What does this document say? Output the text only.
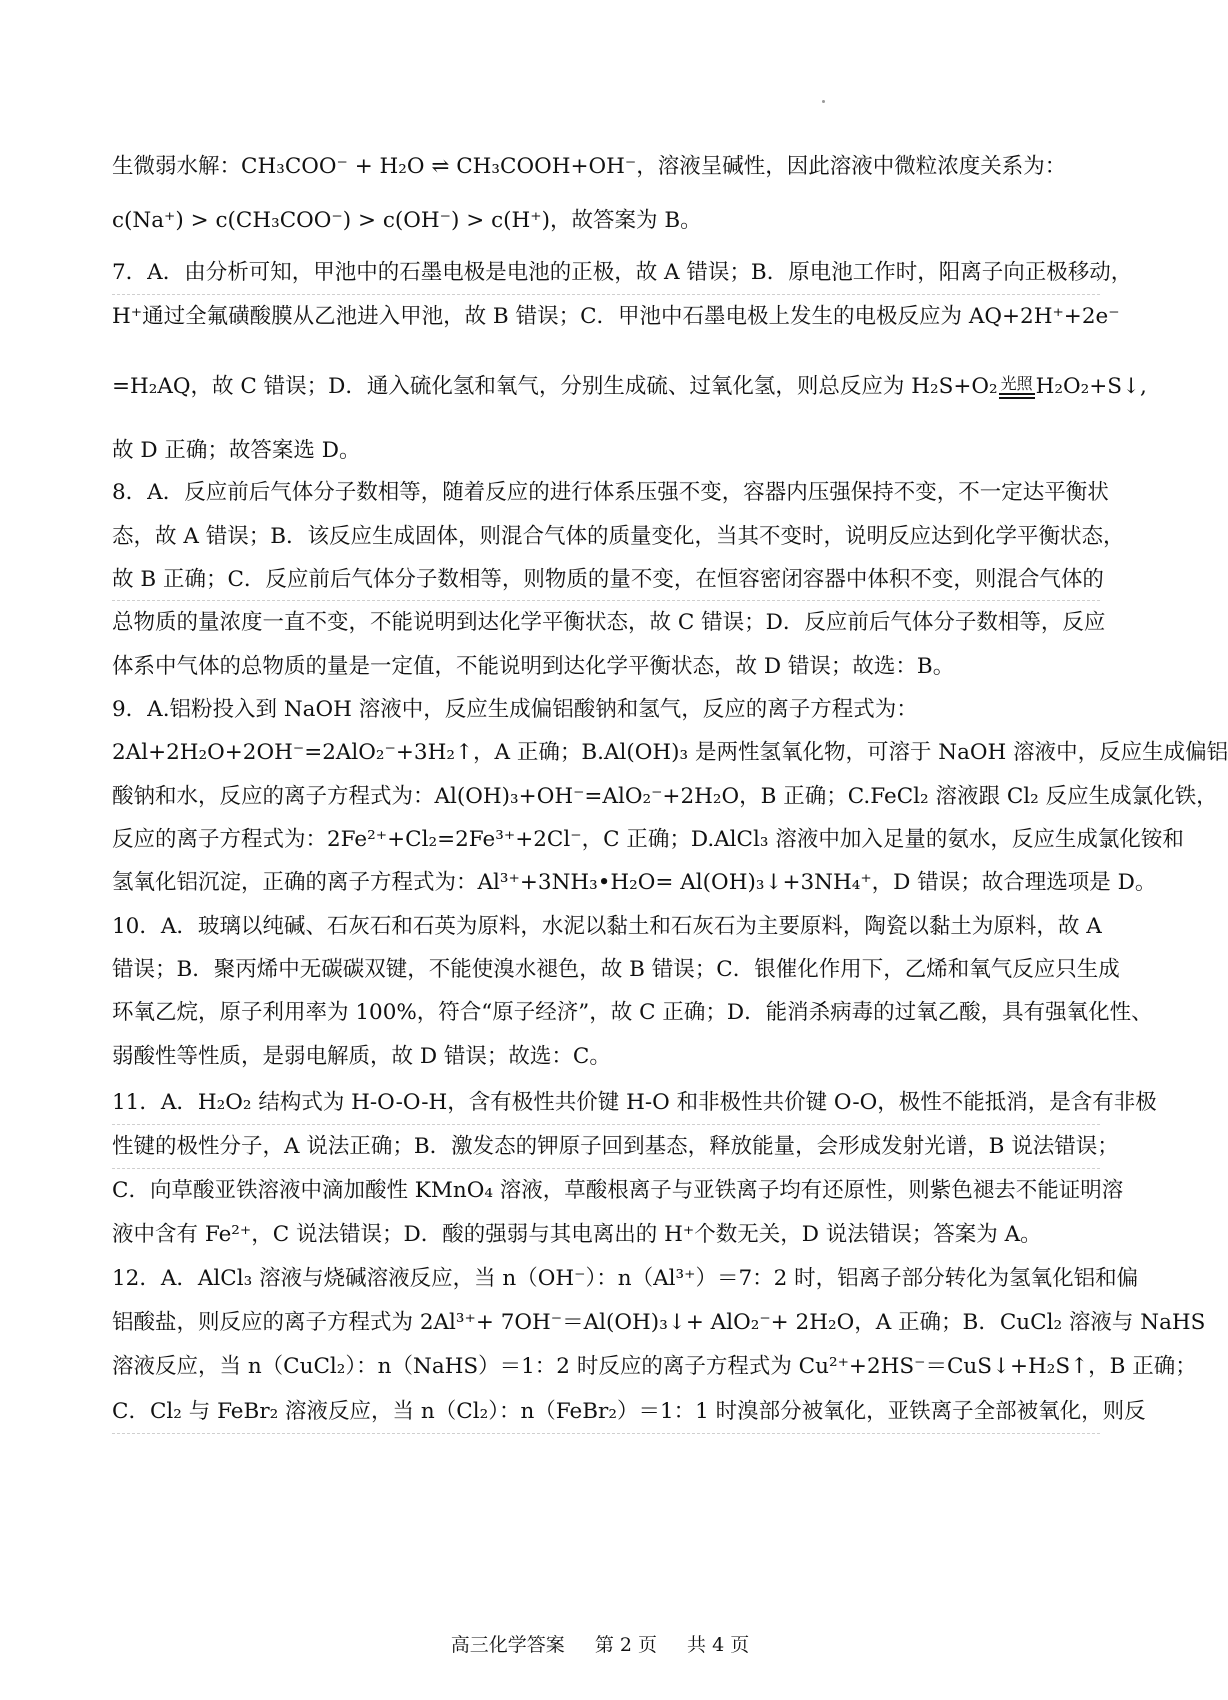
生微弱水解：CH₃COO⁻ + H₂O ⇌ CH₃COOH+OH⁻，溶液呈碱性，因此溶液中微粒浓度关系为：
c(Na⁺) > c(CH₃COO⁻) > c(OH⁻) > c(H⁺)，故答案为 B。
7．A．由分析可知，甲池中的石墨电极是电池的正极，故 A 错误；B．原电池工作时，阳离子向正极移动，
H⁺通过全氟磺酸膜从乙池进入甲池，故 B 错误；C．甲池中石墨电极上发生的电极反应为 AQ+2H⁺+2e⁻
=H₂AQ，故 C 错误；D．通入硫化氢和氧气，分别生成硫、过氧化氢，则总反应为 H₂S+O₂ 光照 H₂O₂+S↓,
故 D 正确；故答案选 D。
8．A．反应前后气体分子数相等，随着反应的进行体系压强不变，容器内压强保持不变，不一定达平衡状
态，故 A 错误；B．该反应生成固体，则混合气体的质量变化，当其不变时，说明反应达到化学平衡状态，
故 B 正确；C．反应前后气体分子数相等，则物质的量不变，在恒容密闭容器中体积不变，则混合气体的
总物质的量浓度一直不变，不能说明到达化学平衡状态，故 C 错误；D．反应前后气体分子数相等，反应
体系中气体的总物质的量是一定值，不能说明到达化学平衡状态，故 D 错误；故选：B。
9．A.铝粉投入到 NaOH 溶液中，反应生成偏铝酸钠和氢气，反应的离子方程式为：
2Al+2H₂O+2OH⁻=2AlO₂⁻+3H₂↑，A 正确；B.Al(OH)₃ 是两性氢氧化物，可溶于 NaOH 溶液中，反应生成偏铝
酸钠和水，反应的离子方程式为：Al(OH)₃+OH⁻=AlO₂⁻+2H₂O，B 正确；C.FeCl₂ 溶液跟 Cl₂ 反应生成氯化铁，
反应的离子方程式为：2Fe²⁺+Cl₂=2Fe³⁺+2Cl⁻，C 正确；D.AlCl₃ 溶液中加入足量的氨水，反应生成氯化铵和
氢氧化铝沉淀，正确的离子方程式为：Al³⁺+3NH₃•H₂O= Al(OH)₃↓+3NH₄⁺，D 错误；故合理选项是 D。
10．A．玻璃以纯碱、石灰石和石英为原料，水泥以黏土和石灰石为主要原料，陶瓷以黏土为原料，故 A
错误；B．聚丙烯中无碳碳双键，不能使溴水褪色，故 B 错误；C．银催化作用下，乙烯和氧气反应只生成
环氧乙烷，原子利用率为 100%，符合“原子经济”，故 C 正确；D．能消杀病毒的过氧乙酸，具有强氧化性、
弱酸性等性质，是弱电解质，故 D 错误；故选：C。
11．A．H₂O₂ 结构式为 H-O-O-H，含有极性共价键 H-O 和非极性共价键 O-O，极性不能抵消，是含有非极
性键的极性分子，A 说法正确；B．激发态的钾原子回到基态，释放能量，会形成发射光谱，B 说法错误；
C．向草酸亚铁溶液中滴加酸性 KMnO₄ 溶液，草酸根离子与亚铁离子均有还原性，则紫色褪去不能证明溶
液中含有 Fe²⁺，C 说法错误；D．酸的强弱与其电离出的 H⁺个数无关，D 说法错误；答案为 A。
12．A．AlCl₃ 溶液与烧碱溶液反应，当 n（OH⁻）：n（Al³⁺）＝7：2 时，铝离子部分转化为氢氧化铝和偏
铝酸盐，则反应的离子方程式为 2Al³⁺+ 7OH⁻＝Al(OH)₃↓+ AlO₂⁻+ 2H₂O，A 正确；B．CuCl₂ 溶液与 NaHS
溶液反应，当 n（CuCl₂）：n（NaHS）＝1：2 时反应的离子方程式为 Cu²⁺+2HS⁻＝CuS↓+H₂S↑，B 正确；
C．Cl₂ 与 FeBr₂ 溶液反应，当 n（Cl₂）：n（FeBr₂）＝1：1 时溴部分被氧化，亚铁离子全部被氧化，则反
高三化学答案 第 2 页 共 4 页
